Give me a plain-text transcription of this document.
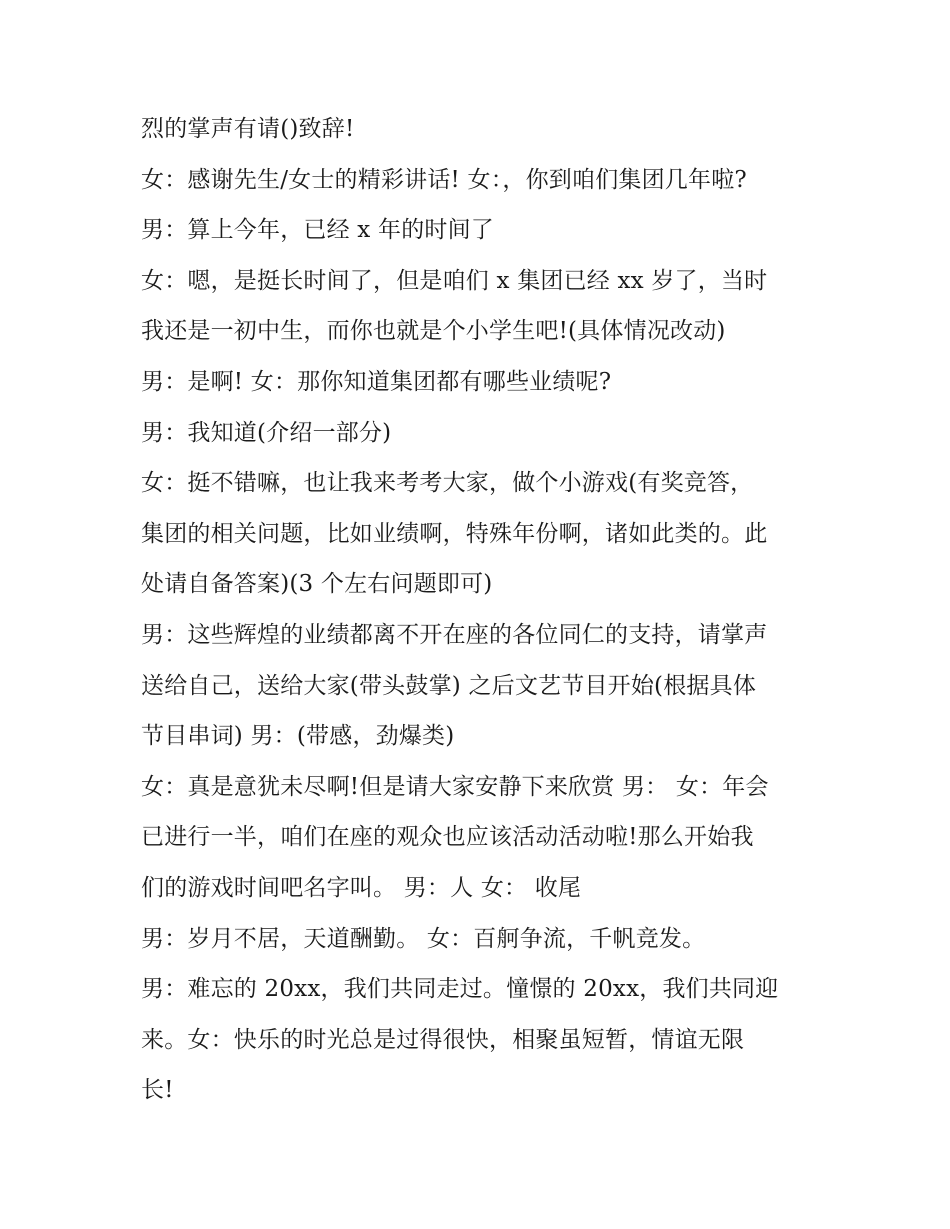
烈的掌声有请()致辞!
女：感谢先生/女士的精彩讲话! 女：，你到咱们集团几年啦?
男：算上今年，已经 x 年的时间了
女：嗯，是挺长时间了，但是咱们 x 集团已经 xx 岁了，当时
我还是一初中生，而你也就是个小学生吧!(具体情况改动)
男：是啊! 女：那你知道集团都有哪些业绩呢?
男：我知道(介绍一部分)
女：挺不错嘛，也让我来考考大家，做个小游戏(有奖竞答，
集团的相关问题，比如业绩啊，特殊年份啊，诸如此类的。此
处请自备答案)(3 个左右问题即可)
男：这些辉煌的业绩都离不开在座的各位同仁的支持，请掌声
送给自己，送给大家(带头鼓掌) 之后文艺节目开始(根据具体
节目串词) 男：(带感，劲爆类)
女：真是意犹未尽啊!但是请大家安静下来欣赏 男： 女：年会
已进行一半，咱们在座的观众也应该活动活动啦!那么开始我
们的游戏时间吧名字叫。 男：人 女： 收尾
男：岁月不居，天道酬勤。 女：百舸争流，千帆竞发。
男：难忘的 20xx，我们共同走过。憧憬的 20xx，我们共同迎
来。女：快乐的时光总是过得很快，相聚虽短暂，情谊无限
长!
